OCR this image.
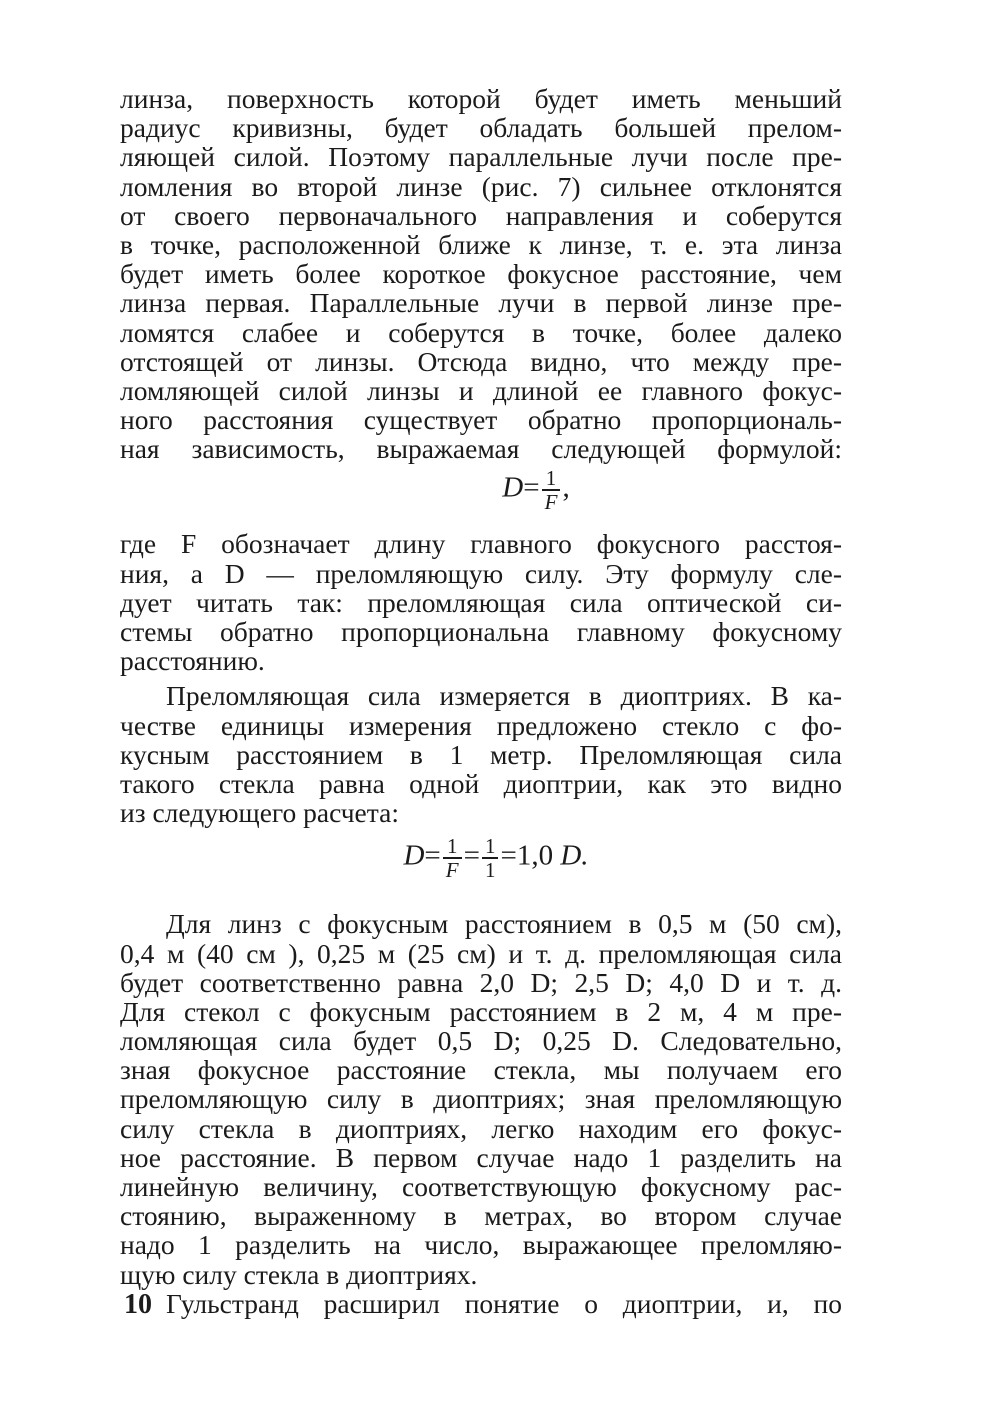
линза, поверхность которой будет иметь меньший
радиус кривизны, будет обладать большей прелом-
ляющей силой. Поэтому параллельные лучи после пре-
ломления во второй линзе (рис. 7) сильнее отклонятся
от своего первоначального направления и соберутся
в точке, расположенной ближе к линзе, т. е. эта линза
будет иметь более короткое фокусное расстояние, чем
линза первая. Параллельные лучи в первой линзе пре-
ломятся слабее и соберутся в точке, более далеко
отстоящей от линзы. Отсюда видно, что между пре-
ломляющей силой линзы и длиной ее главного фокус-
ного расстояния существует обратно пропорциональ-
ная зависимость, выражаемая следующей формулой:
$D= \frac{1}{F}$ ,
где F обозначает длину главного фокусного расстоя-
ния, а D — преломляющую силу. Эту формулу сле-
дует читать так: преломляющая сила оптической си-
стемы обратно пропорциональна главному фокусному
расстоянию.
Преломляющая сила измеряется в диоптриях. В ка-
честве единицы измерения предложено стекло с фо-
кусным расстоянием в 1 метр. Преломляющая сила
такого стекла равна одной диоптрии, как это видно
из следующего расчета:
$D= \frac{1}{F} = \frac{1}{1} =1,0$ D.
Для линз с фокусным расстоянием в 0,5 м (50 см),
0,4 м (40 см ), 0,25 м (25 см) и т. д. преломляющая сила
будет соответственно равна 2,0 D; 2,5 D; 4,0 D и т. д.
Для стекол с фокусным расстоянием в 2 м, 4 м пре-
ломляющая сила будет 0,5 D; 0,25 D. Следовательно,
зная фокусное расстояние стекла, мы получаем его
преломляющую силу в диоптриях; зная преломляющую
силу стекла в диоптриях, легко находим его фокус-
ное расстояние. В первом случае надо 1 разделить на
линейную величину, соответствующую фокусному рас-
стоянию, выраженному в метрах, во втором случае
надо 1 разделить на число, выражающее преломляю-
щую силу стекла в диоптриях.
Гульстранд расширил понятие о диоптрии, и, по
10
